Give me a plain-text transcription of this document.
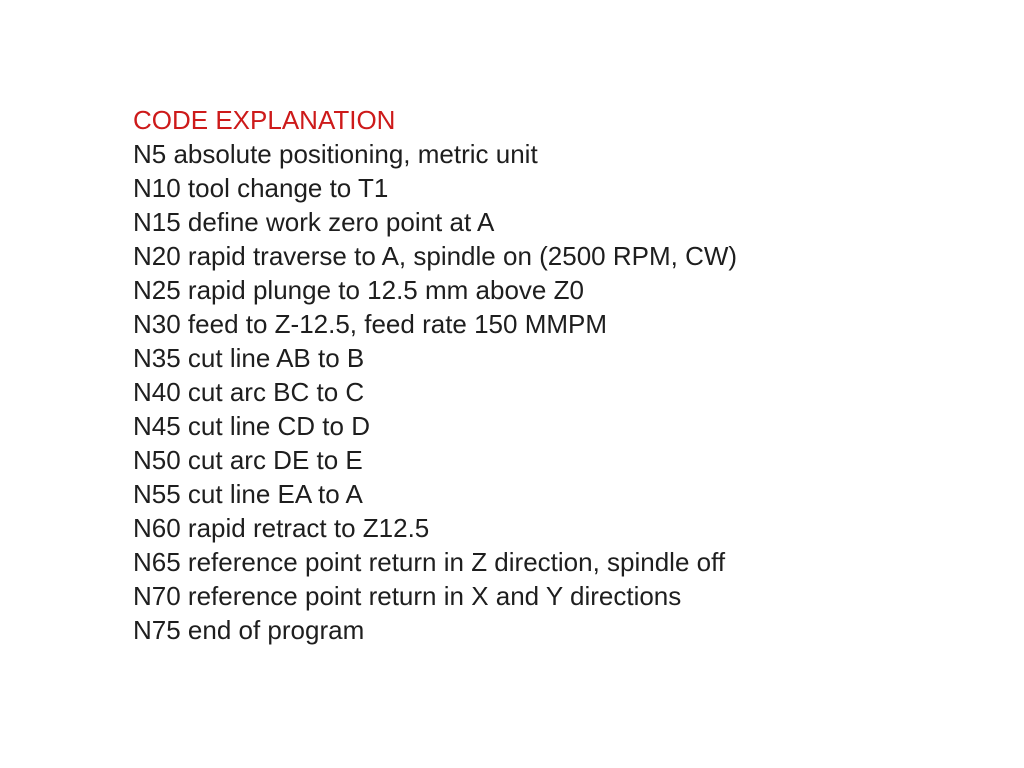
CODE EXPLANATION
N5 absolute positioning, metric unit
N10 tool change to T1
N15 define work zero point at A
N20 rapid traverse to A, spindle on (2500 RPM, CW)
N25 rapid plunge to 12.5 mm above Z0
N30 feed to Z-12.5, feed rate 150 MMPM
N35 cut line AB to B
N40 cut arc BC to C
N45 cut line CD to D
N50 cut arc DE to E
N55 cut line EA to A
N60 rapid retract to Z12.5
N65 reference point return in Z direction, spindle off
N70 reference point return in X and Y directions
N75 end of program
